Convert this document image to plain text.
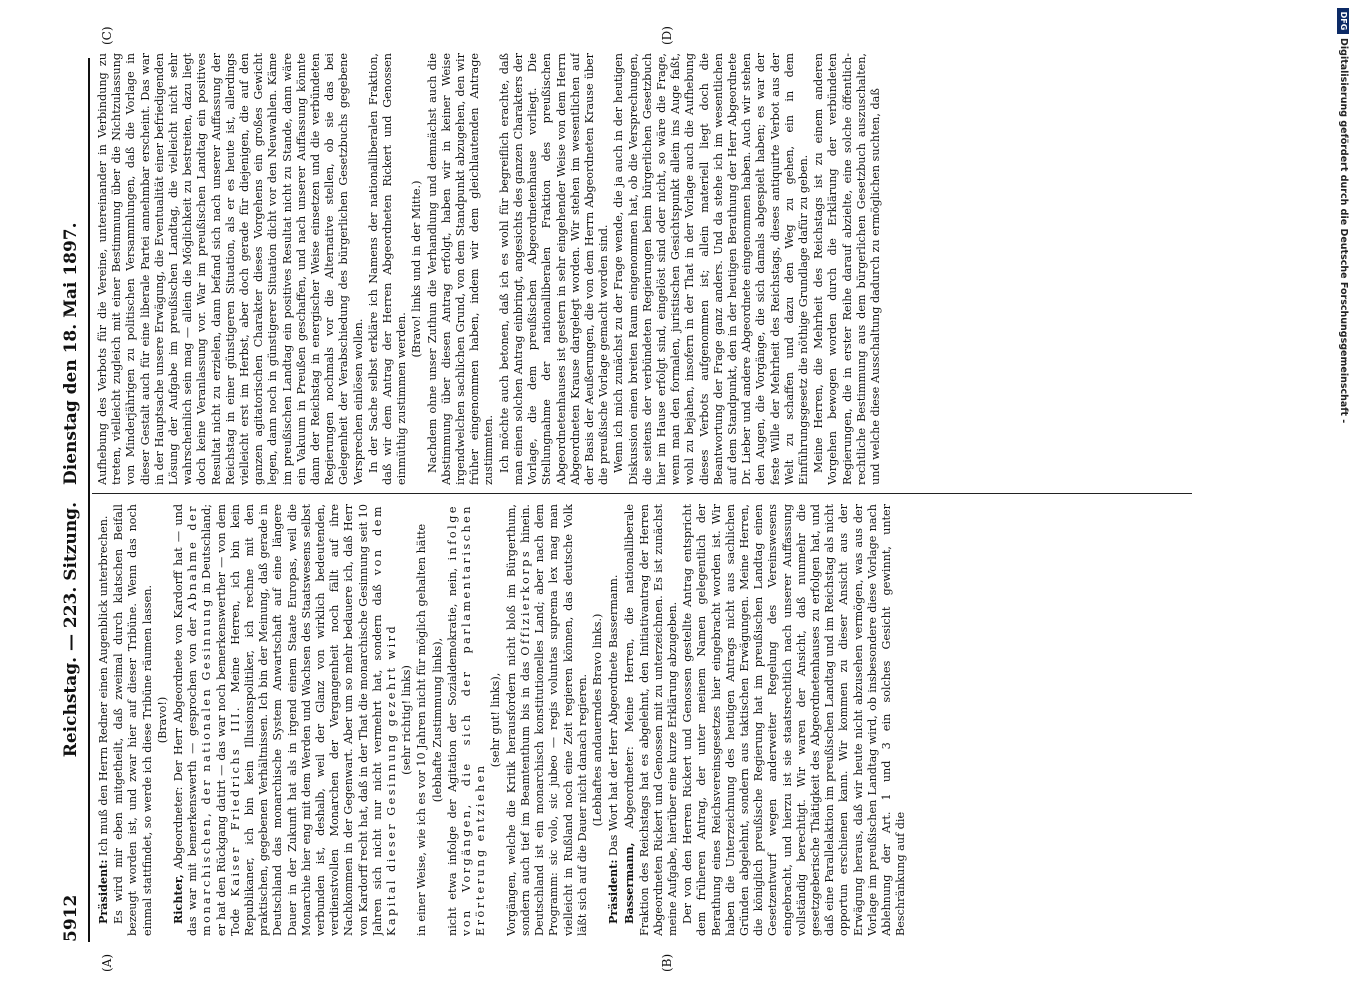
5912
Reichstag. — 223. Sitzung.
Dienstag den 18. Mai 1897.
(A)	(B)
(C)	(D)

Präsident: Ich muß den Herrn Redner einen Augenblick unterbrechen. Es wird mir eben mitgetheilt, daß zweimal durch klatschen Beifall bezeugt worden ist, und zwar hier auf dieser Tribüne. Wenn das noch einmal stattfindet, so werde ich diese Tribüne räumen lassen. (Bravo!)

Richter, Abgeordneter: Der Herr Abgeordnete von Kardorff hat — und das war mit bemerkenswerth — gesprochen von der Abnahme der monarchischen, der nationalen Gesinnung in Deutschland; er hat den Rückgang datirt — das war noch bemerkenswerther — von dem Tode Kaiser Friedrichs III. Meine Herren, ich bin kein Republikaner, ich bin kein Illusionspolitiker, ich rechne mit den praktischen, gegebenen Verhältnissen. Ich bin der Meinung, daß gerade in Deutschland das monarchische System Anwartschaft auf eine längere Dauer in der Zukunft hat als in irgend einem Staate Europas, weil die Monarchie hier eng mit dem Werden und Wachsen des Staatswesens selbst verbunden ist, deshalb, weil der Glanz von wirklich bedeutenden, verdienstvollen Monarchen der Vergangenheit noch fällt auf ihre Nachkommen in der Gegenwart. Aber um so mehr bedauere ich, daß Herr von Kardorff recht hat, daß in der That die monarchische Gesinnung seit 10 Jahren sich nicht nur nicht vermehrt hat, sondern daß von dem Kapital dieser Gesinnung gezehrt wird (sehr richtig! links) in einer Weise, wie ich es vor 10 Jahren nicht für möglich gehalten hätte (lebhafte Zustimmung links), nicht etwa infolge der Agitation der Sozialdemokratie, nein, infolge von Vorgängen, die sich der parlamentarischen Erörterung entziehen

(sehr gut! links), Vorgängen, welche die Kritik herausfordern nicht bloß im Bürgerthum, sondern auch tief im Beamtenthum bis in das Offizierkorps hinein. Deutschland ist ein monarchisch konstitutionelles Land; aber nach dem Programm: sic volo, sic jubeo — regis voluntas suprema lex mag man vielleicht in Rußland noch eine Zeit regieren können, das deutsche Volk läßt sich auf die Dauer nicht danach regieren. (Lebhaftes andauerndes Bravo links.)

Präsident: Das Wort hat der Herr Abgeordnete Bassermann.

Bassermann, Abgeordneter: Meine Herren, die nationalliberale Fraktion des Reichstags hat es abgelehnt, den Initiativantrag der Herren Abgeordneten Rickert und Genossen mit zu unterzeichnen. Es ist zunächst meine Aufgabe, hierüber eine kurze Erklärung abzugeben. Der von den Herren Rickert und Genossen gestellte Antrag entspricht dem früheren Antrag, der unter meinem Namen gelegentlich der Berathung eines Reichsvereinsgesetzes hier eingebracht worden ist. Wir haben die Unterzeichnung des heutigen Antrags nicht aus sachlichen Gründen abgelehnt, sondern aus taktischen Erwägungen. Meine Herren, die königlich preußische Regierung hat im preußischen Landtag einen Gesetzentwurf wegen anderweiter Regelung des Vereinswesens eingebracht, und hierzu ist sie staatsrechtlich nach unserer Auffassung vollständig berechtigt. Wir waren der Ansicht, daß nunmehr die gesetzgeberische Thätigkeit des Abgeordnetenhauses zu erfolgen hat, und daß eine Parallelaktion im preußischen Landtag und im Reichstag als nicht opportun erschienen kann. Wir kommen zu dieser Ansicht aus der Erwägung heraus, daß wir heute nicht abzusehen vermögen, was aus der Vorlage im preußischen Landtag wird, ob insbesondere diese Vorlage nach Ablehnung der Art. 1 und 3 ein solches Gesicht gewinnt, unter Beschränkung auf die

Aufhebung des Verbots für die Vereine, untereinander in Verbindung zu treten, vielleicht zugleich mit einer Bestimmung über die Nichtzulassung von Minderjährigen zu politischen Versammlungen, daß die Vorlage in dieser Gestalt auch für eine liberale Partei annehmbar erscheint. Das war in der Hauptsache unsere Erwägung, die Eventualität einer befriedigenden Lösung der Aufgabe im preußischen Landtag, die vielleicht nicht sehr wahrscheinlich sein mag — allein die Möglichkeit zu bestreiten, dazu liegt doch keine Veranlassung vor. War im preußischen Landtag ein positives Resultat nicht zu erzielen, dann befand sich nach unserer Auffassung der Reichstag in einer günstigeren Situation, als er es heute ist, allerdings vielleicht erst im Herbst, aber doch gerade für diejenigen, die auf den ganzen agitatorischen Charakter dieses Vorgehens ein großes Gewicht legen, dann noch in günstigerer Situation dicht vor den Neuwahlen. Käme im preußischen Landtag ein positives Resultat nicht zu Stande, dann wäre ein Vakuum in Preußen geschaffen, und nach unserer Auffassung könnte dann der Reichstag in energischer Weise einsetzen und die verbündeten Regierungen nochmals vor die Alternative stellen, ob sie das bei Gelegenheit der Verabschiedung des bürgerlichen Gesetzbuchs gegebene Versprechen einlösen wollen. In der Sache selbst erkläre ich Namens der nationalliberalen Fraktion, daß wir dem Antrag der Herren Abgeordneten Rickert und Genossen einmüthig zustimmen werden.

(Bravo! links und in der Mitte.) Nachdem ohne unser Zuthun die Verhandlung und demnächst auch die Abstimmung über diesen Antrag erfolgt, haben wir in keiner Weise irgendwelchen sachlichen Grund, von dem Standpunkt abzugehen, den wir früher eingenommen haben, indem wir dem gleichlautenden Antrage zustimmten. Ich möchte auch betonen, daß ich es wohl für begreiflich erachte, daß man einen solchen Antrag einbringt, angesichts des ganzen Charakters der Vorlage, die dem preußischen Abgeordnetenhause vorliegt. Die Stellungnahme der nationalliberalen Fraktion des preußischen Abgeordnetenhauses ist gestern in sehr eingehender Weise von dem Herrn Abgeordneten Krause dargelegt worden. Wir stehen im wesentlichen auf der Basis der Aeußerungen, die von dem Herrn Abgeordneten Krause über die preußische Vorlage gemacht worden sind. Wenn ich mich zunächst zu der Frage wende, die ja auch in der heutigen Diskussion einen breiten Raum eingenommen hat, ob die Versprechungen, die seitens der verbündeten Regierungen beim bürgerlichen Gesetzbuch hier im Hause erfolgt sind, eingelöst sind oder nicht, so wäre die Frage, wenn man den formalen, juristischen Gesichtspunkt allein ins Auge faßt, wohl zu bejahen, insofern in der That in der Vorlage auch die Aufhebung dieses Verbots aufgenommen ist; allein materiell liegt doch die Beantwortung der Frage ganz anders. Und da stehe ich im wesentlichen auf dem Standpunkt, den in der heutigen Berathung der Herr Abgeordnete Dr. Lieber und andere Abgeordnete eingenommen haben. Auch wir stehen den Augen, die Vorgänge, die sich damals abgespielt haben; es war der feste Wille der Mehrheit des Reichstags, dieses antiquirte Verbot aus der Welt zu schaffen und dazu den Weg zu gehen, ein in dem Einführungsgesetz die nöthige Grundlage dafür zu geben. Meine Herren, die Mehrheit des Reichstags ist zu einem anderen Vorgehen bewogen worden durch die Erklärung der verbündeten Regierungen, die in erster Reihe darauf abzielte, eine solche öffentlich-rechtliche Bestimmung aus dem bürgerlichen Gesetzbuch auszuschalten, und welche diese Ausschaltung dadurch zu ermöglichen suchten, daß

DFG
Digitalisierung gefördert durch die Deutsche Forschungsgemeinschaft -
